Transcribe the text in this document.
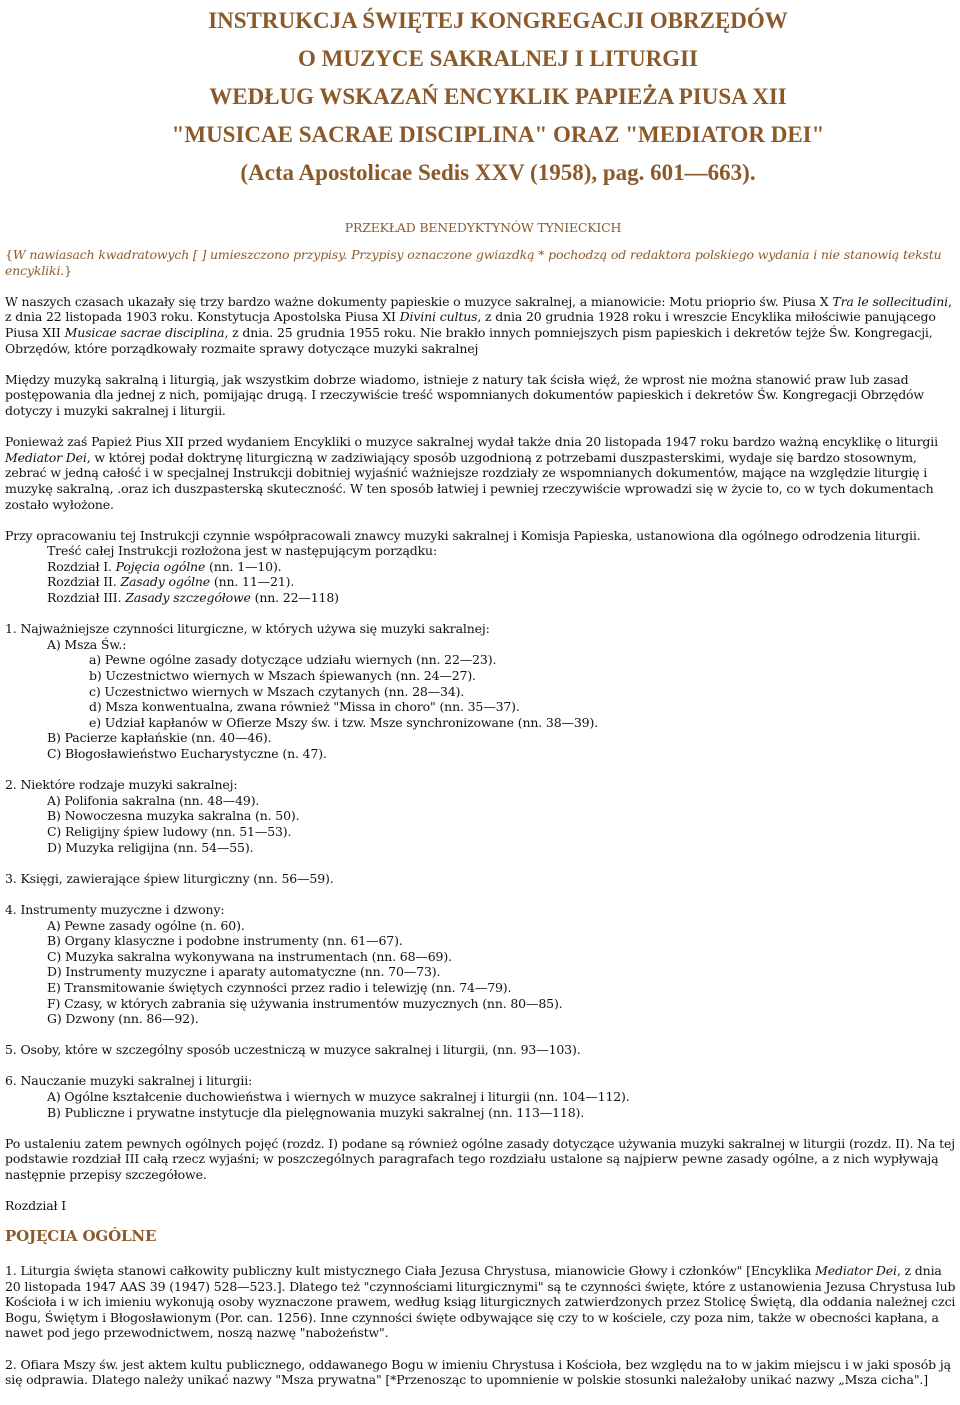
INSTRUKCJA ŚWIĘTEJ KONGREGACJI OBRZĘDÓW

O MUZYCE SAKRALNEJ I LITURGII

WEDŁUG WSKAZAŃ ENCYKLIK PAPIEŻA PIUSA XII

"MUSICAE SACRAE DISCIPLINA" ORAZ "MEDIATOR DEI"

(Acta Apostolicae Sedis XXV (1958), pag. 601—663).

PRZEKŁAD BENEDYKTYNÓW TYNIECKICH

{W nawiasach kwadratowych [ ] umieszczono przypisy. Przypisy oznaczone gwiazdką * pochodzą od redaktora polskiego wydania i nie stanowią tekstu encykliki.}

W naszych czasach ukazały się trzy bardzo ważne dokumenty papieskie o muzyce sakralnej, a mianowicie: Motu prioprio św. Piusa X Tra le sollecitudini, z dnia 22 listopada 1903 roku. Konstytucja Apostolska Piusa XI Divini cultus, z dnia 20 grudnia 1928 roku i wreszcie Encyklika miłościwie panującego Piusa XII Musicae sacrae disciplina, z dnia. 25 grudnia 1955 roku. Nie brakło innych pomniejszych pism papieskich i dekretów tejże Św. Kongregacji, Obrzędów, które porządkowały rozmaite sprawy dotyczące muzyki sakralnej

Między muzyką sakralną i liturgią, jak wszystkim dobrze wiadomo, istnieje z natury tak ścisła więź, że wprost nie można stanowić praw lub zasad postępowania dla jednej z nich, pomijając drugą. I rzeczywiście treść wspomnianych dokumentów papieskich i dekretów Św. Kongregacji Obrzędów dotyczy i muzyki sakralnej i liturgii.

Ponieważ zaś Papież Pius XII przed wydaniem Encykliki o muzyce sakralnej wydał także dnia 20 listopada 1947 roku bardzo ważną encyklikę o liturgii Mediator Dei, w której podał doktrynę liturgiczną w zadziwiający sposób uzgodnioną z potrzebami duszpasterskimi, wydaje się bardzo stosownym, zebrać w jedną całość i w specjalnej Instrukcji dobitniej wyjaśnić ważniejsze rozdziały ze wspomnianych dokumentów, mające na względzie liturgię i muzykę sakralną, .oraz ich duszpasterską skuteczność. W ten sposób łatwiej i pewniej rzeczywiście wprowadzi się w życie to, co w tych dokumentach zostało wyłożone.

Przy opracowaniu tej Instrukcji czynnie współpracowali znawcy muzyki sakralnej i Komisja Papieska, ustanowiona dla ogólnego odrodzenia liturgii.
Treść całej Instrukcji rozłożona jest w następującym porządku:
Rozdział I. Pojęcia ogólne (nn. 1—10).
Rozdział II. Zasady ogólne (nn. 11—21).
Rozdział III. Zasady szczegółowe (nn. 22—118)

1. Najważniejsze czynności liturgiczne, w których używa się muzyki sakralnej:
A) Msza Św.:
a) Pewne ogólne zasady dotyczące udziału wiernych (nn. 22—23).
b) Uczestnictwo wiernych w Mszach śpiewanych (nn. 24—27).
c) Uczestnictwo wiernych w Mszach czytanych (nn. 28—34).
d) Msza konwentualna, zwana również "Missa in choro" (nn. 35—37).
e) Udział kapłanów w Ofierze Mszy św. i tzw. Msze synchronizowane (nn. 38—39).
B) Pacierze kapłańskie (nn. 40—46).
C) Błogosławieństwo Eucharystyczne (n. 47).

2. Niektóre rodzaje muzyki sakralnej:
A) Polifonia sakralna (nn. 48—49).
B) Nowoczesna muzyka sakralna (n. 50).
C) Religijny śpiew ludowy (nn. 51—53).
D) Muzyka religijna (nn. 54—55).

3. Księgi, zawierające śpiew liturgiczny (nn. 56—59).

4. Instrumenty muzyczne i dzwony:
A) Pewne zasady ogólne (n. 60).
B) Organy klasyczne i podobne instrumenty (nn. 61—67).
C) Muzyka sakralna wykonywana na instrumentach (nn. 68—69).
D) Instrumenty muzyczne i aparaty automatyczne (nn. 70—73).
E) Transmitowanie świętych czynności przez radio i telewizję (nn. 74—79).
F) Czasy, w których zabrania się używania instrumentów muzycznych (nn. 80—85).
G) Dzwony (nn. 86—92).

5. Osoby, które w szczególny sposób uczestniczą w muzyce sakralnej i liturgii, (nn. 93—103).

6. Nauczanie muzyki sakralnej i liturgii:
A) Ogólne kształcenie duchowieństwa i wiernych w muzyce sakralnej i liturgii (nn. 104—112).
B) Publiczne i prywatne instytucje dla pielęgnowania muzyki sakralnej (nn. 113—118).

Po ustaleniu zatem pewnych ogólnych pojęć (rozdz. I) podane są również ogólne zasady dotyczące używania muzyki sakralnej w liturgii (rozdz. II). Na tej podstawie rozdział III całą rzecz wyjaśni; w poszczególnych paragrafach tego rozdziału ustalone są najpierw pewne zasady ogólne, a z nich wypływają następnie przepisy szczegółowe.

Rozdział I

POJĘCIA OGÓLNE

1. Liturgia święta stanowi całkowity publiczny kult mistycznego Ciała Jezusa Chrystusa, mianowicie Głowy i członków" [Encyklika Mediator Dei, z dnia 20 listopada 1947 AAS 39 (1947) 528—523.]. Dlatego też "czynnościami liturgicznymi" są te czynności święte, które z ustanowienia Jezusa Chrystusa lub Kościoła i w ich imieniu wykonują osoby wyznaczone prawem, według ksiąg liturgicznych zatwierdzonych przez Stolicę Świętą, dla oddania należnej czci Bogu, Świętym i Błogosławionym (Por. can. 1256). Inne czynności święte odbywające się czy to w kościele, czy poza nim, także w obecności kapłana, a nawet pod jego przewodnictwem, noszą nazwę "nabożeństw".

2. Ofiara Mszy św. jest aktem kultu publicznego, oddawanego Bogu w imieniu Chrystusa i Kościoła, bez względu na to w jakim miejscu i w jaki sposób ją się odprawia. Dlatego należy unikać nazwy "Msza prywatna" [*Przenosząc to upomnienie w polskie stosunki należałoby unikać nazwy „Msza cicha".]
